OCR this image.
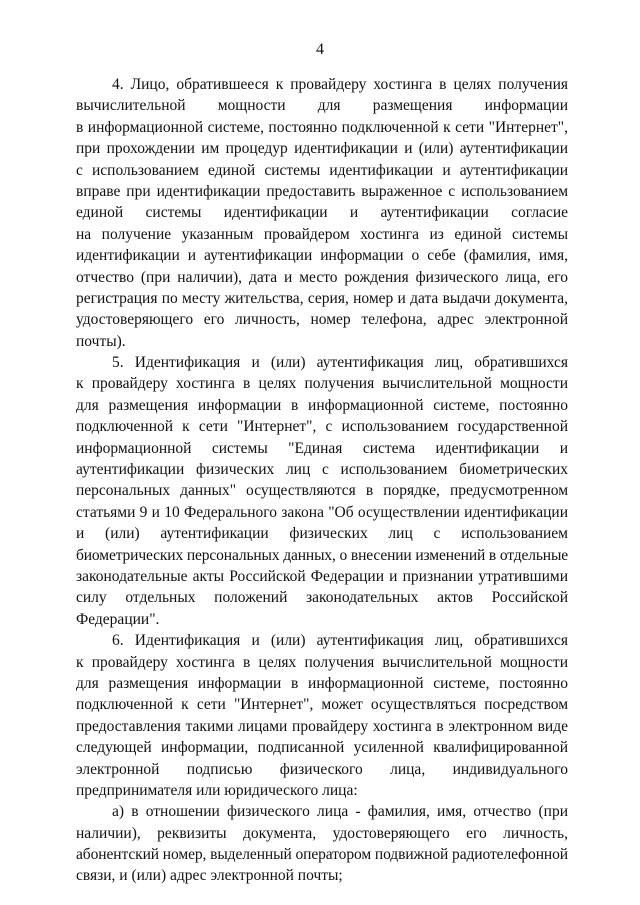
4
4. Лицо, обратившееся к провайдеру хостинга в целях получения
вычислительной мощности для размещения информации
в информационной системе, постоянно подключенной к сети "Интернет",
при прохождении им процедур идентификации и (или) аутентификации
с использованием единой системы идентификации и аутентификации
вправе при идентификации предоставить выраженное с использованием
единой системы идентификации и аутентификации согласие
на получение указанным провайдером хостинга из единой системы
идентификации и аутентификации информации о себе (фамилия, имя,
отчество (при наличии), дата и место рождения физического лица, его
регистрация по месту жительства, серия, номер и дата выдачи документа,
удостоверяющего его личность, номер телефона, адрес электронной
почты).
5. Идентификация и (или) аутентификация лиц, обратившихся
к провайдеру хостинга в целях получения вычислительной мощности
для размещения информации в информационной системе, постоянно
подключенной к сети "Интернет", с использованием государственной
информационной системы "Единая система идентификации и
аутентификации физических лиц с использованием биометрических
персональных данных" осуществляются в порядке, предусмотренном
статьями 9 и 10 Федерального закона "Об осуществлении идентификации
и (или) аутентификации физических лиц с использованием
биометрических персональных данных, о внесении изменений в отдельные
законодательные акты Российской Федерации и признании утратившими
силу отдельных положений законодательных актов Российской
Федерации".
6. Идентификация и (или) аутентификация лиц, обратившихся
к провайдеру хостинга в целях получения вычислительной мощности
для размещения информации в информационной системе, постоянно
подключенной к сети "Интернет", может осуществляться посредством
предоставления такими лицами провайдеру хостинга в электронном виде
следующей информации, подписанной усиленной квалифицированной
электронной подписью физического лица, индивидуального
предпринимателя или юридического лица:
а) в отношении физического лица - фамилия, имя, отчество (при
наличии), реквизиты документа, удостоверяющего его личность,
абонентский номер, выделенный оператором подвижной радиотелефонной
связи, и (или) адрес электронной почты;
